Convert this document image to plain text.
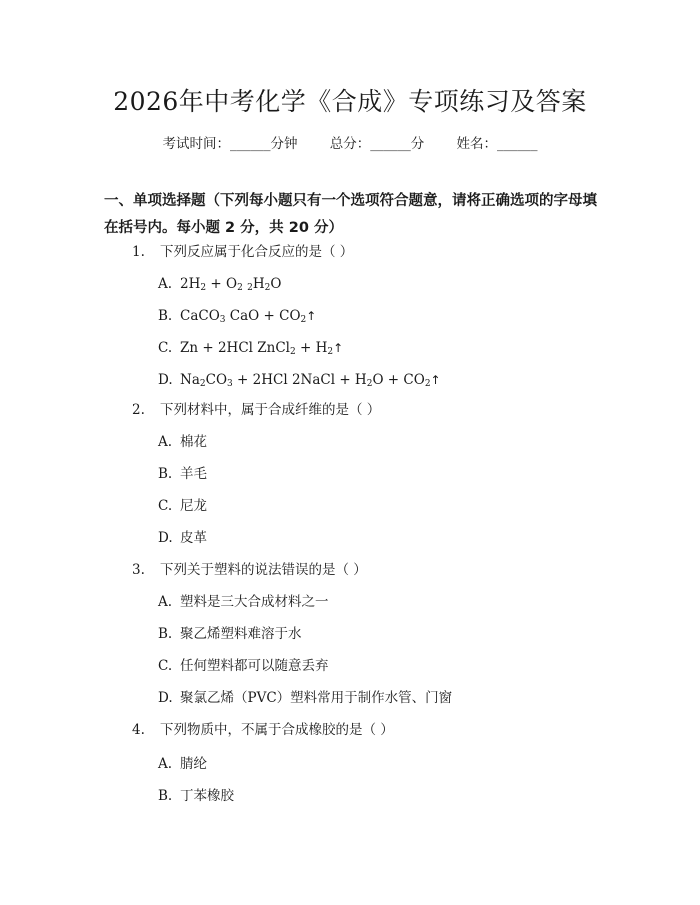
2026年中考化学《合成》专项练习及答案
考试时间：______分钟 总分：______分 姓名：______
一、单项选择题（下列每小题只有一个选项符合题意，请将正确选项的字母填在括号内。每小题 2 分，共 20 分）
1. 下列反应属于化合反应的是（ ）
A. $2H_2 + O_2$ $_2H_2O$
B. CaCO$_3$ CaO + $CO_2↑$
C. Zn + 2HCl ZnCl$_2$ + $H_2↑$
D. $Na_2CO_3 + 2HCl$ 2NaCl + $H_2O$ + $CO_2↑$
2. 下列材料中，属于合成纤维的是（ ）
A. 棉花
B. 羊毛
C. 尼龙
D. 皮革
3. 下列关于塑料的说法错误的是（ ）
A. 塑料是三大合成材料之一
B. 聚乙烯塑料难溶于水
C. 任何塑料都可以随意丢弃
D. 聚氯乙烯（PVC）塑料常用于制作水管、门窗
4. 下列物质中，不属于合成橡胶的是（ ）
A. 腈纶
B. 丁苯橡胶
